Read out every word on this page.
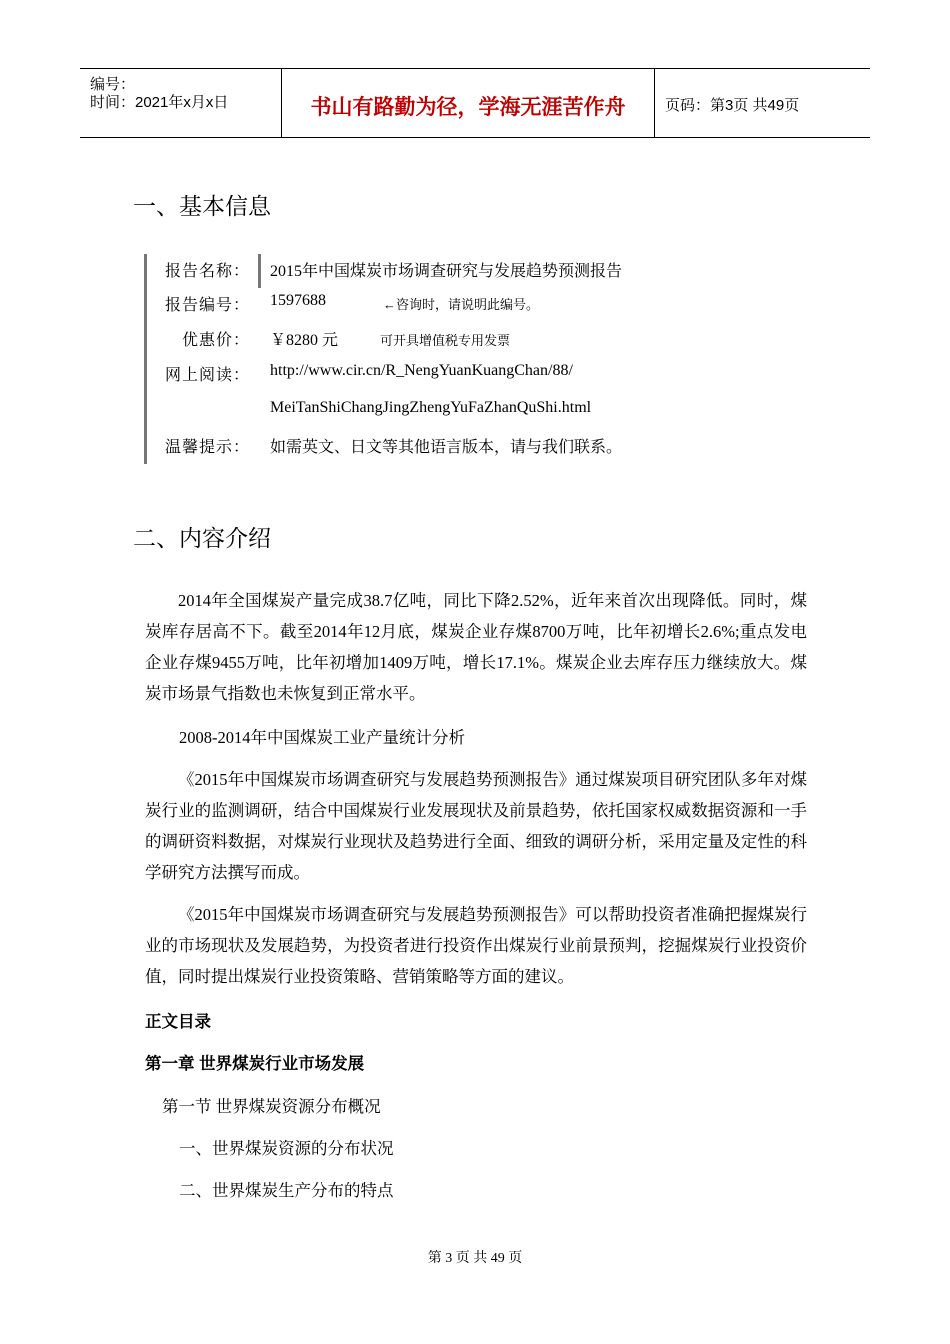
编号：
时间：2021年x月x日	书山有路勤为径，学海无涯苦作舟	页码：第3页 共49页
一、基本信息
报告名称： 2015年中国煤炭市场调查研究与发展趋势预测报告
报告编号： 1597688	←咨询时，请说明此编号。
优惠价： ￥8280 元	可开具增值税专用发票
网上阅读： http://www.cir.cn/R_NengYuanKuangChan/88/
MeiTanShiChangJingZhengYuFaZhanQuShi.html
温馨提示： 如需英文、日文等其他语言版本，请与我们联系。
二、内容介绍
2014年全国煤炭产量完成38.7亿吨，同比下降2.52%，近年来首次出现降低。同时，煤炭库存居高不下。截至2014年12月底，煤炭企业存煤8700万吨，比年初增长2.6%;重点发电企业存煤9455万吨，比年初增加1409万吨，增长17.1%。煤炭企业去库存压力继续放大。煤炭市场景气指数也未恢复到正常水平。
2008-2014年中国煤炭工业产量统计分析
《2015年中国煤炭市场调查研究与发展趋势预测报告》通过煤炭项目研究团队多年对煤炭行业的监测调研，结合中国煤炭行业发展现状及前景趋势，依托国家权威数据资源和一手的调研资料数据，对煤炭行业现状及趋势进行全面、细致的调研分析，采用定量及定性的科学研究方法撰写而成。
《2015年中国煤炭市场调查研究与发展趋势预测报告》可以帮助投资者准确把握煤炭行业的市场现状及发展趋势，为投资者进行投资作出煤炭行业前景预判，挖掘煤炭行业投资价值，同时提出煤炭行业投资策略、营销策略等方面的建议。
正文目录
第一章 世界煤炭行业市场发展
第一节 世界煤炭资源分布概况
一、世界煤炭资源的分布状况
二、世界煤炭生产分布的特点
第 3 页 共 49 页
